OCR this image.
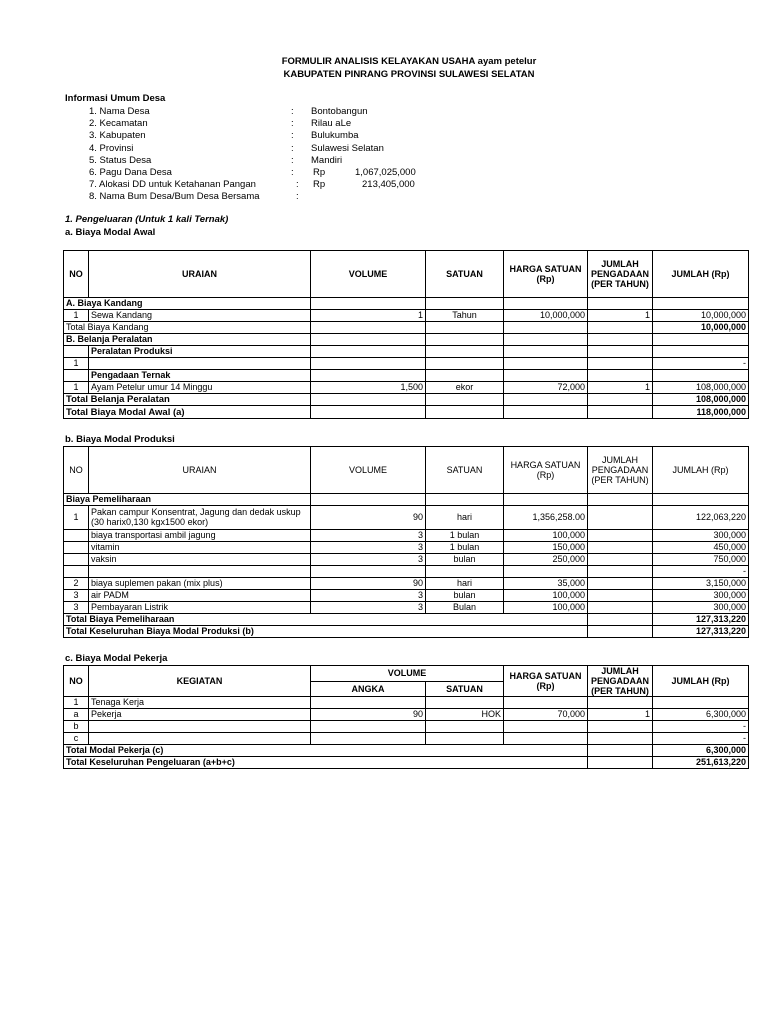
FORMULIR ANALISIS KELAYAKAN USAHA ayam petelur
KABUPATEN PINRANG PROVINSI SULAWESI SELATAN
Informasi Umum Desa
1. Nama Desa	: Bontobangun
2. Kecamatan	: Rilau aLe
3. Kabupaten	: Bulukumba
4. Provinsi	: Sulawesi Selatan
5. Status Desa	: Mandiri
6. Pagu Dana Desa	: Rp	1,067,025,000
7. Alokasi DD untuk Ketahanan Pangan	: Rp	213,405,000
8. Nama Bum Desa/Bum Desa Bersama	:
1. Pengeluaran (Untuk 1 kali Ternak)
a. Biaya Modal Awal
NO	URAIAN	VOLUME	SATUAN	HARGA SATUAN (Rp)	JUMLAH PENGADAAN (PER TAHUN)	JUMLAH (Rp)
A. Biaya Kandang						
1	Sewa Kandang	1	Tahun	10,000,000	1	10,000,000
Total Biaya Kandang						10,000,000
B. Belanja Peralatan						
	Peralatan Produksi					
1						-
	Pengadaan Ternak					
1	Ayam Petelur umur 14 Minggu	1,500	ekor	72,000	1	108,000,000
Total Belanja Peralatan						108,000,000
Total Biaya Modal Awal (a)						118,000,000
b. Biaya Modal Produksi
NO	URAIAN	VOLUME	SATUAN	HARGA SATUAN (Rp)	JUMLAH PENGADAAN (PER TAHUN)	JUMLAH (Rp)
Biaya Pemeliharaan						
1	Pakan campur Konsentrat, Jagung dan dedak uskup (30 harix0,130 kgx1500 ekor)	90	hari	1,356,258.00		122,063,220
	biaya transportasi ambil jagung	3	1 bulan	100,000		300,000
	vitamin	3	1 bulan	150,000		450,000
	vaksin	3	bulan	250,000		750,000
						-
2	biaya suplemen pakan (mix plus)	90	hari	35,000		3,150,000
3	air PADM	3	bulan	100,000		300,000
3	Pembayaran Listrik	3	Bulan	100,000		300,000
Total Biaya Pemeliharaan						127,313,220
Total Keseluruhan Biaya Modal Produksi (b)						127,313,220
c. Biaya Modal Pekerja
NO	KEGIATAN	VOLUME		HARGA SATUAN (Rp)	JUMLAH PENGADAAN (PER TAHUN)	JUMLAH (Rp)
		ANGKA	SATUAN			
1	Tenaga Kerja					
a	Pekerja	90	HOK	70,000	1	6,300,000
b						-
c						-
Total Modal Pekerja (c)						6,300,000
Total Keseluruhan Pengeluaran (a+b+c)						251,613,220
